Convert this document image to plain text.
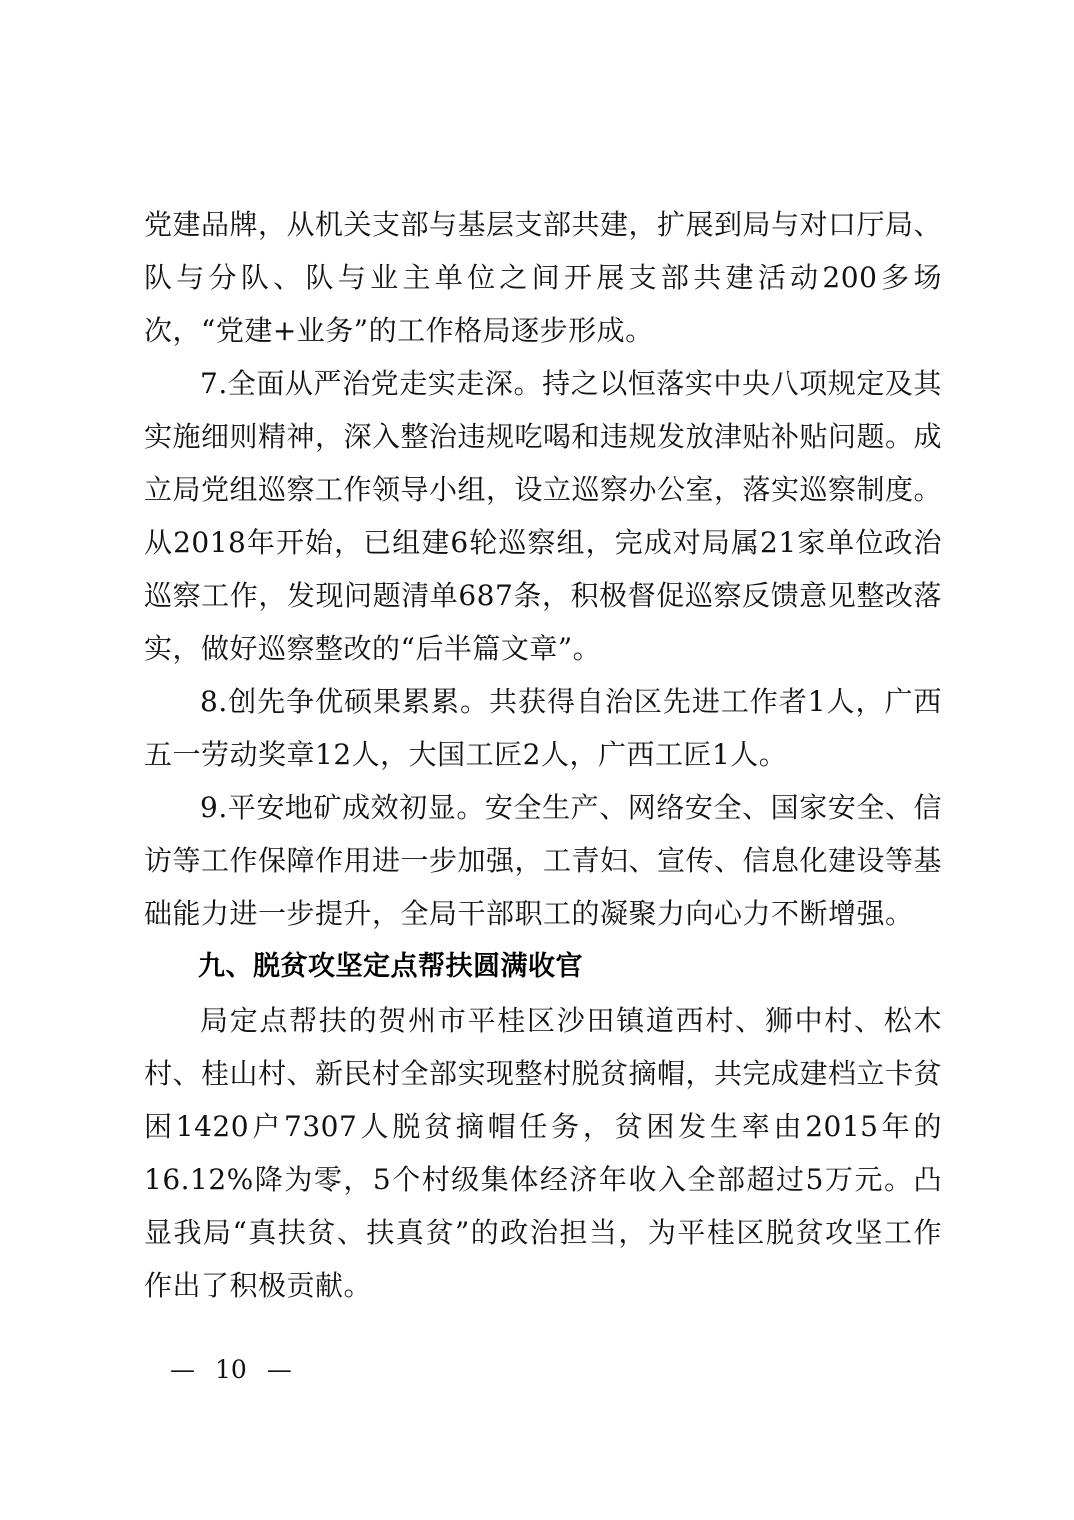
党建品牌，从机关支部与基层支部共建，扩展到局与对口厅局、队与分队、队与业主单位之间开展支部共建活动200多场次，“党建+业务”的工作格局逐步形成。

7.全面从严治党走实走深。持之以恒落实中央八项规定及其实施细则精神，深入整治违规吃喝和违规发放津贴补贴问题。成立局党组巡察工作领导小组，设立巡察办公室，落实巡察制度。从2018年开始，已组建6轮巡察组，完成对局属21家单位政治巡察工作，发现问题清单687条，积极督促巡察反馈意见整改落实，做好巡察整改的“后半篇文章”。

8.创先争优硕果累累。共获得自治区先进工作者1人，广西五一劳动奖章12人，大国工匠2人，广西工匠1人。

9.平安地矿成效初显。安全生产、网络安全、国家安全、信访等工作保障作用进一步加强，工青妇、宣传、信息化建设等基础能力进一步提升，全局干部职工的凝聚力向心力不断增强。

九、脱贫攻坚定点帮扶圆满收官

局定点帮扶的贺州市平桂区沙田镇道西村、狮中村、松木村、桂山村、新民村全部实现整村脱贫摘帽，共完成建档立卡贫困1420户7307人脱贫摘帽任务，贫困发生率由2015年的16.12%降为零，5个村级集体经济年收入全部超过5万元。凸显我局“真扶贫、扶真贫”的政治担当，为平桂区脱贫攻坚工作作出了积极贡献。

— 10 —
